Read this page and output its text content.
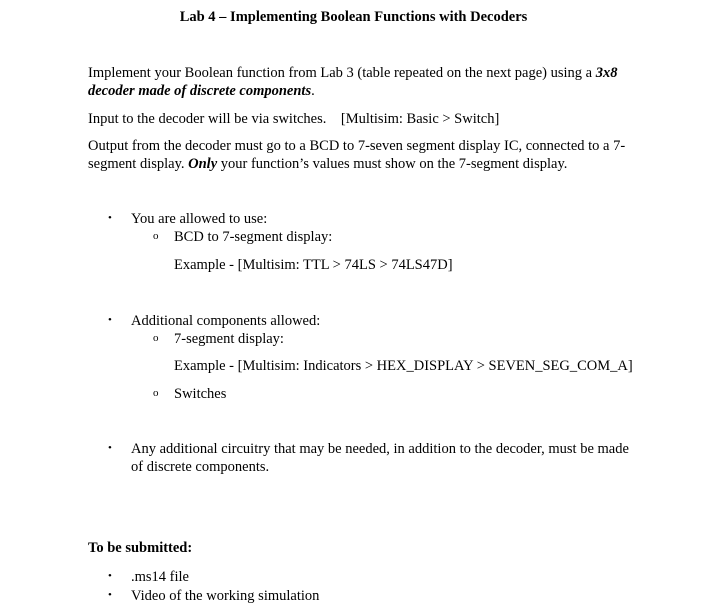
Lab 4 – Implementing Boolean Functions with Decoders
Implement your Boolean function from Lab 3 (table repeated on the next page) using a 3x8 decoder made of discrete components.
Input to the decoder will be via switches.    [Multisim: Basic > Switch]
Output from the decoder must go to a BCD to 7-seven segment display IC, connected to a 7-segment display. Only your function’s values must show on the 7-segment display.
• You are allowed to use:
o BCD to 7-segment display:
Example - [Multisim: TTL > 74LS > 74LS47D]
• Additional components allowed:
o 7-segment display:
Example - [Multisim: Indicators > HEX_DISPLAY > SEVEN_SEG_COM_A]
o Switches
• Any additional circuitry that may be needed, in addition to the decoder, must be made of discrete components.
To be submitted:
• .ms14 file
• Video of the working simulation
